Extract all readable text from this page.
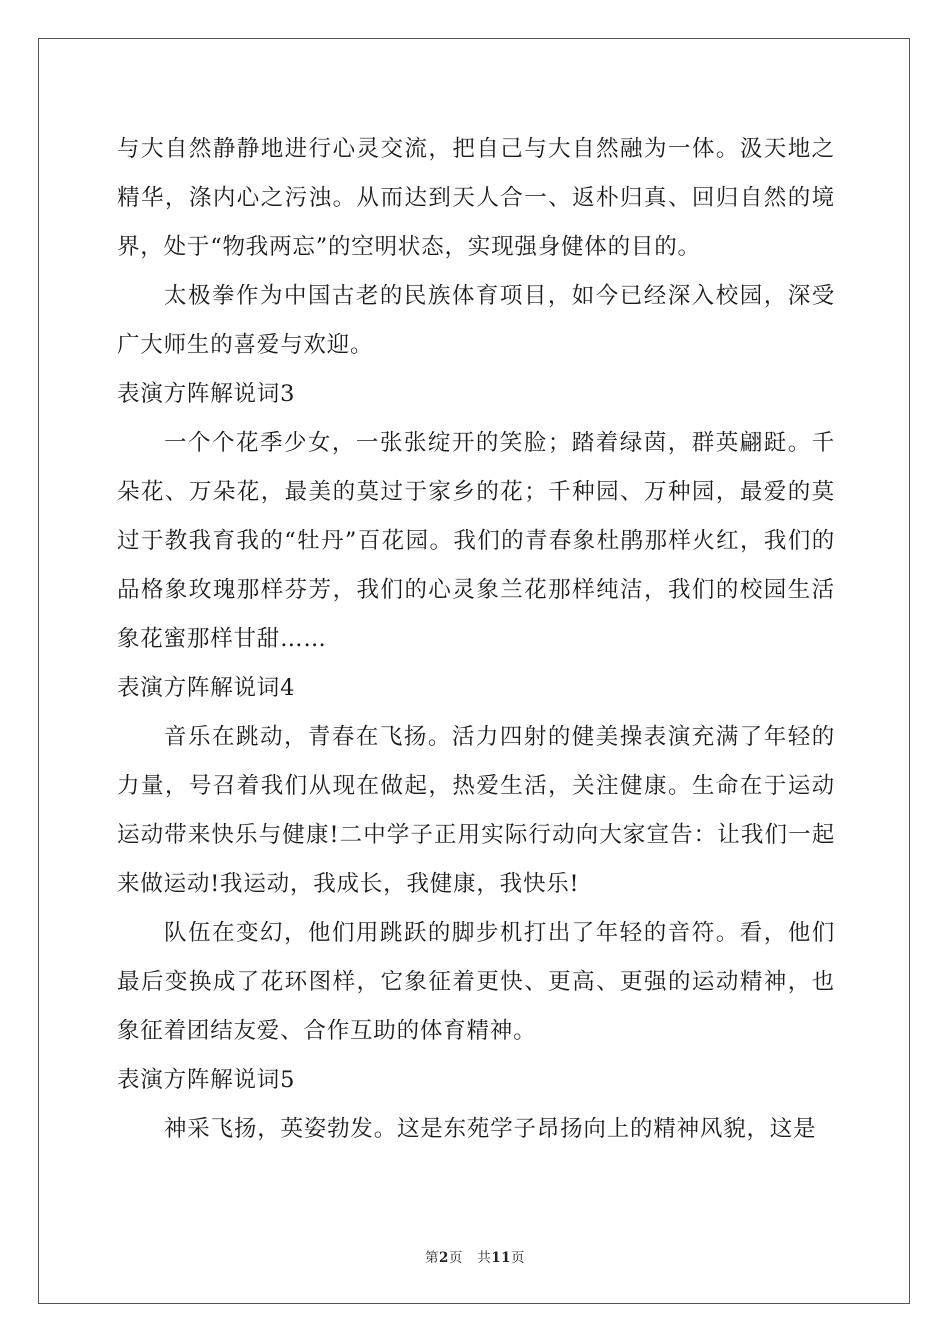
与大自然静静地进行心灵交流，把自己与大自然融为一体。汲天地之精华，涤内心之污浊。从而达到天人合一、返朴归真、回归自然的境界，处于“物我两忘”的空明状态，实现强身健体的目的。

太极拳作为中国古老的民族体育项目，如今已经深入校园，深受广大师生的喜爱与欢迎。

表演方阵解说词3

一个个花季少女，一张张绽开的笑脸；踏着绿茵，群英翩跹。千朵花、万朵花，最美的莫过于家乡的花；千种园、万种园，最爱的莫过于教我育我的“牡丹”百花园。我们的青春象杜鹃那样火红，我们的品格象玫瑰那样芬芳，我们的心灵象兰花那样纯洁，我们的校园生活象花蜜那样甘甜……

表演方阵解说词4

音乐在跳动，青春在飞扬。活力四射的健美操表演充满了年轻的力量，号召着我们从现在做起，热爱生活，关注健康。生命在于运动运动带来快乐与健康!二中学子正用实际行动向大家宣告：让我们一起来做运动!我运动，我成长，我健康，我快乐!

队伍在变幻，他们用跳跃的脚步机打出了年轻的音符。看，他们最后变换成了花环图样，它象征着更快、更高、更强的运动精神，也象征着团结友爱、合作互助的体育精神。

表演方阵解说词5

神采飞扬，英姿勃发。这是东苑学子昂扬向上的精神风貌，这是

第2页 共11页
